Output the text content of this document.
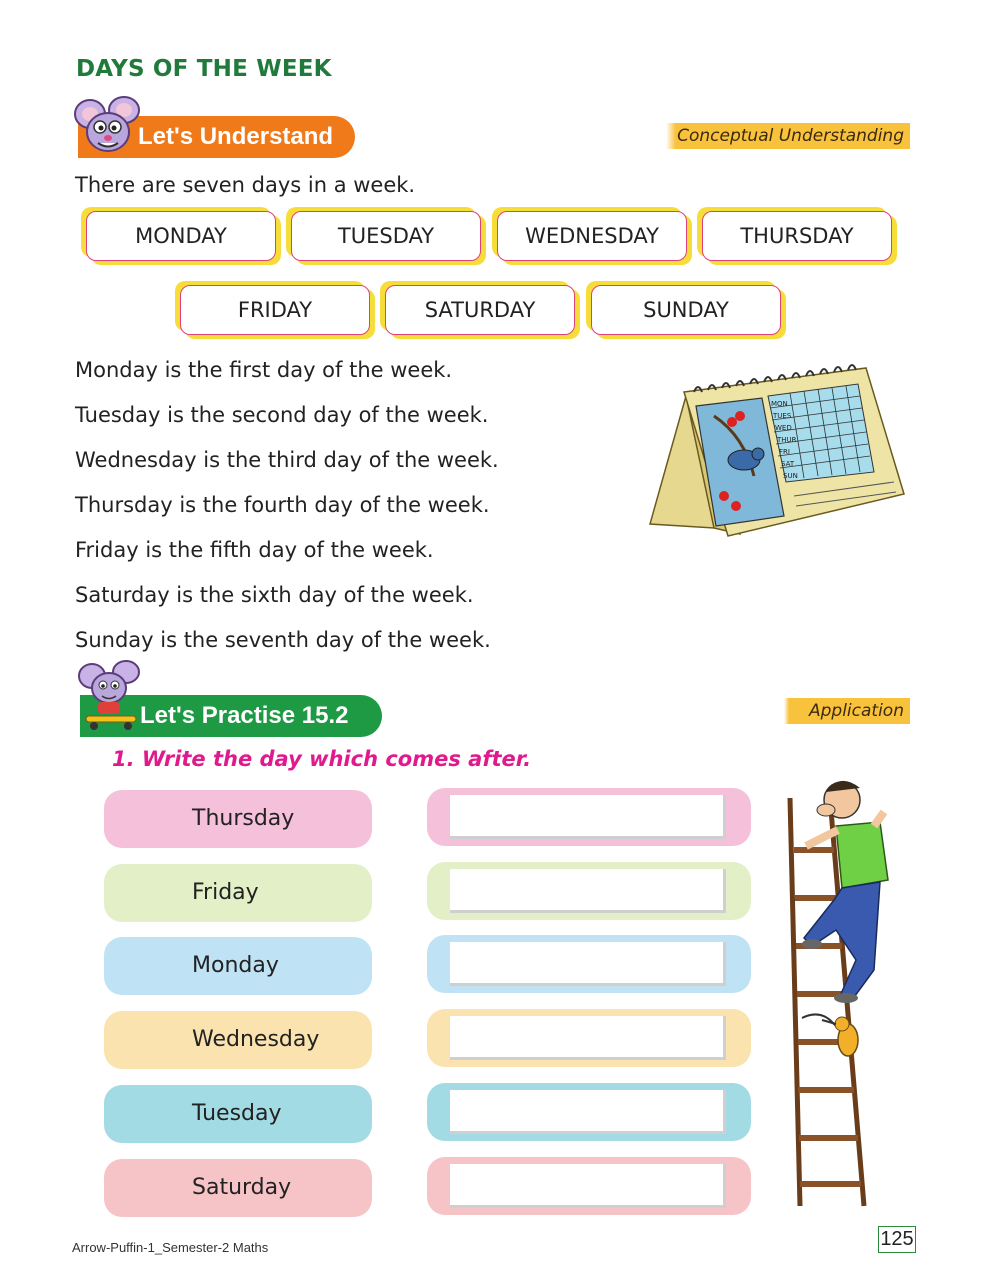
DAYS OF THE WEEK
Let's Understand	Conceptual Understanding
There are seven days in a week.
MONDAY	TUESDAY	WEDNESDAY	THURSDAY
FRIDAY	SATURDAY	SUNDAY
Monday is the first day of the week.
Tuesday is the second day of the week.
Wednesday is the third day of the week.
Thursday is the fourth day of the week.
Friday is the fifth day of the week.
Saturday is the sixth day of the week.
Sunday is the seventh day of the week.
MON
TUES
WED
THUR
FRI
SAT
SUN
Let's Practise 15.2	Application
1. Write the day which comes after.
Thursday
Friday
Monday
Wednesday
Tuesday
Saturday
Arrow-Puffin-1_Semester-2 Maths	125
